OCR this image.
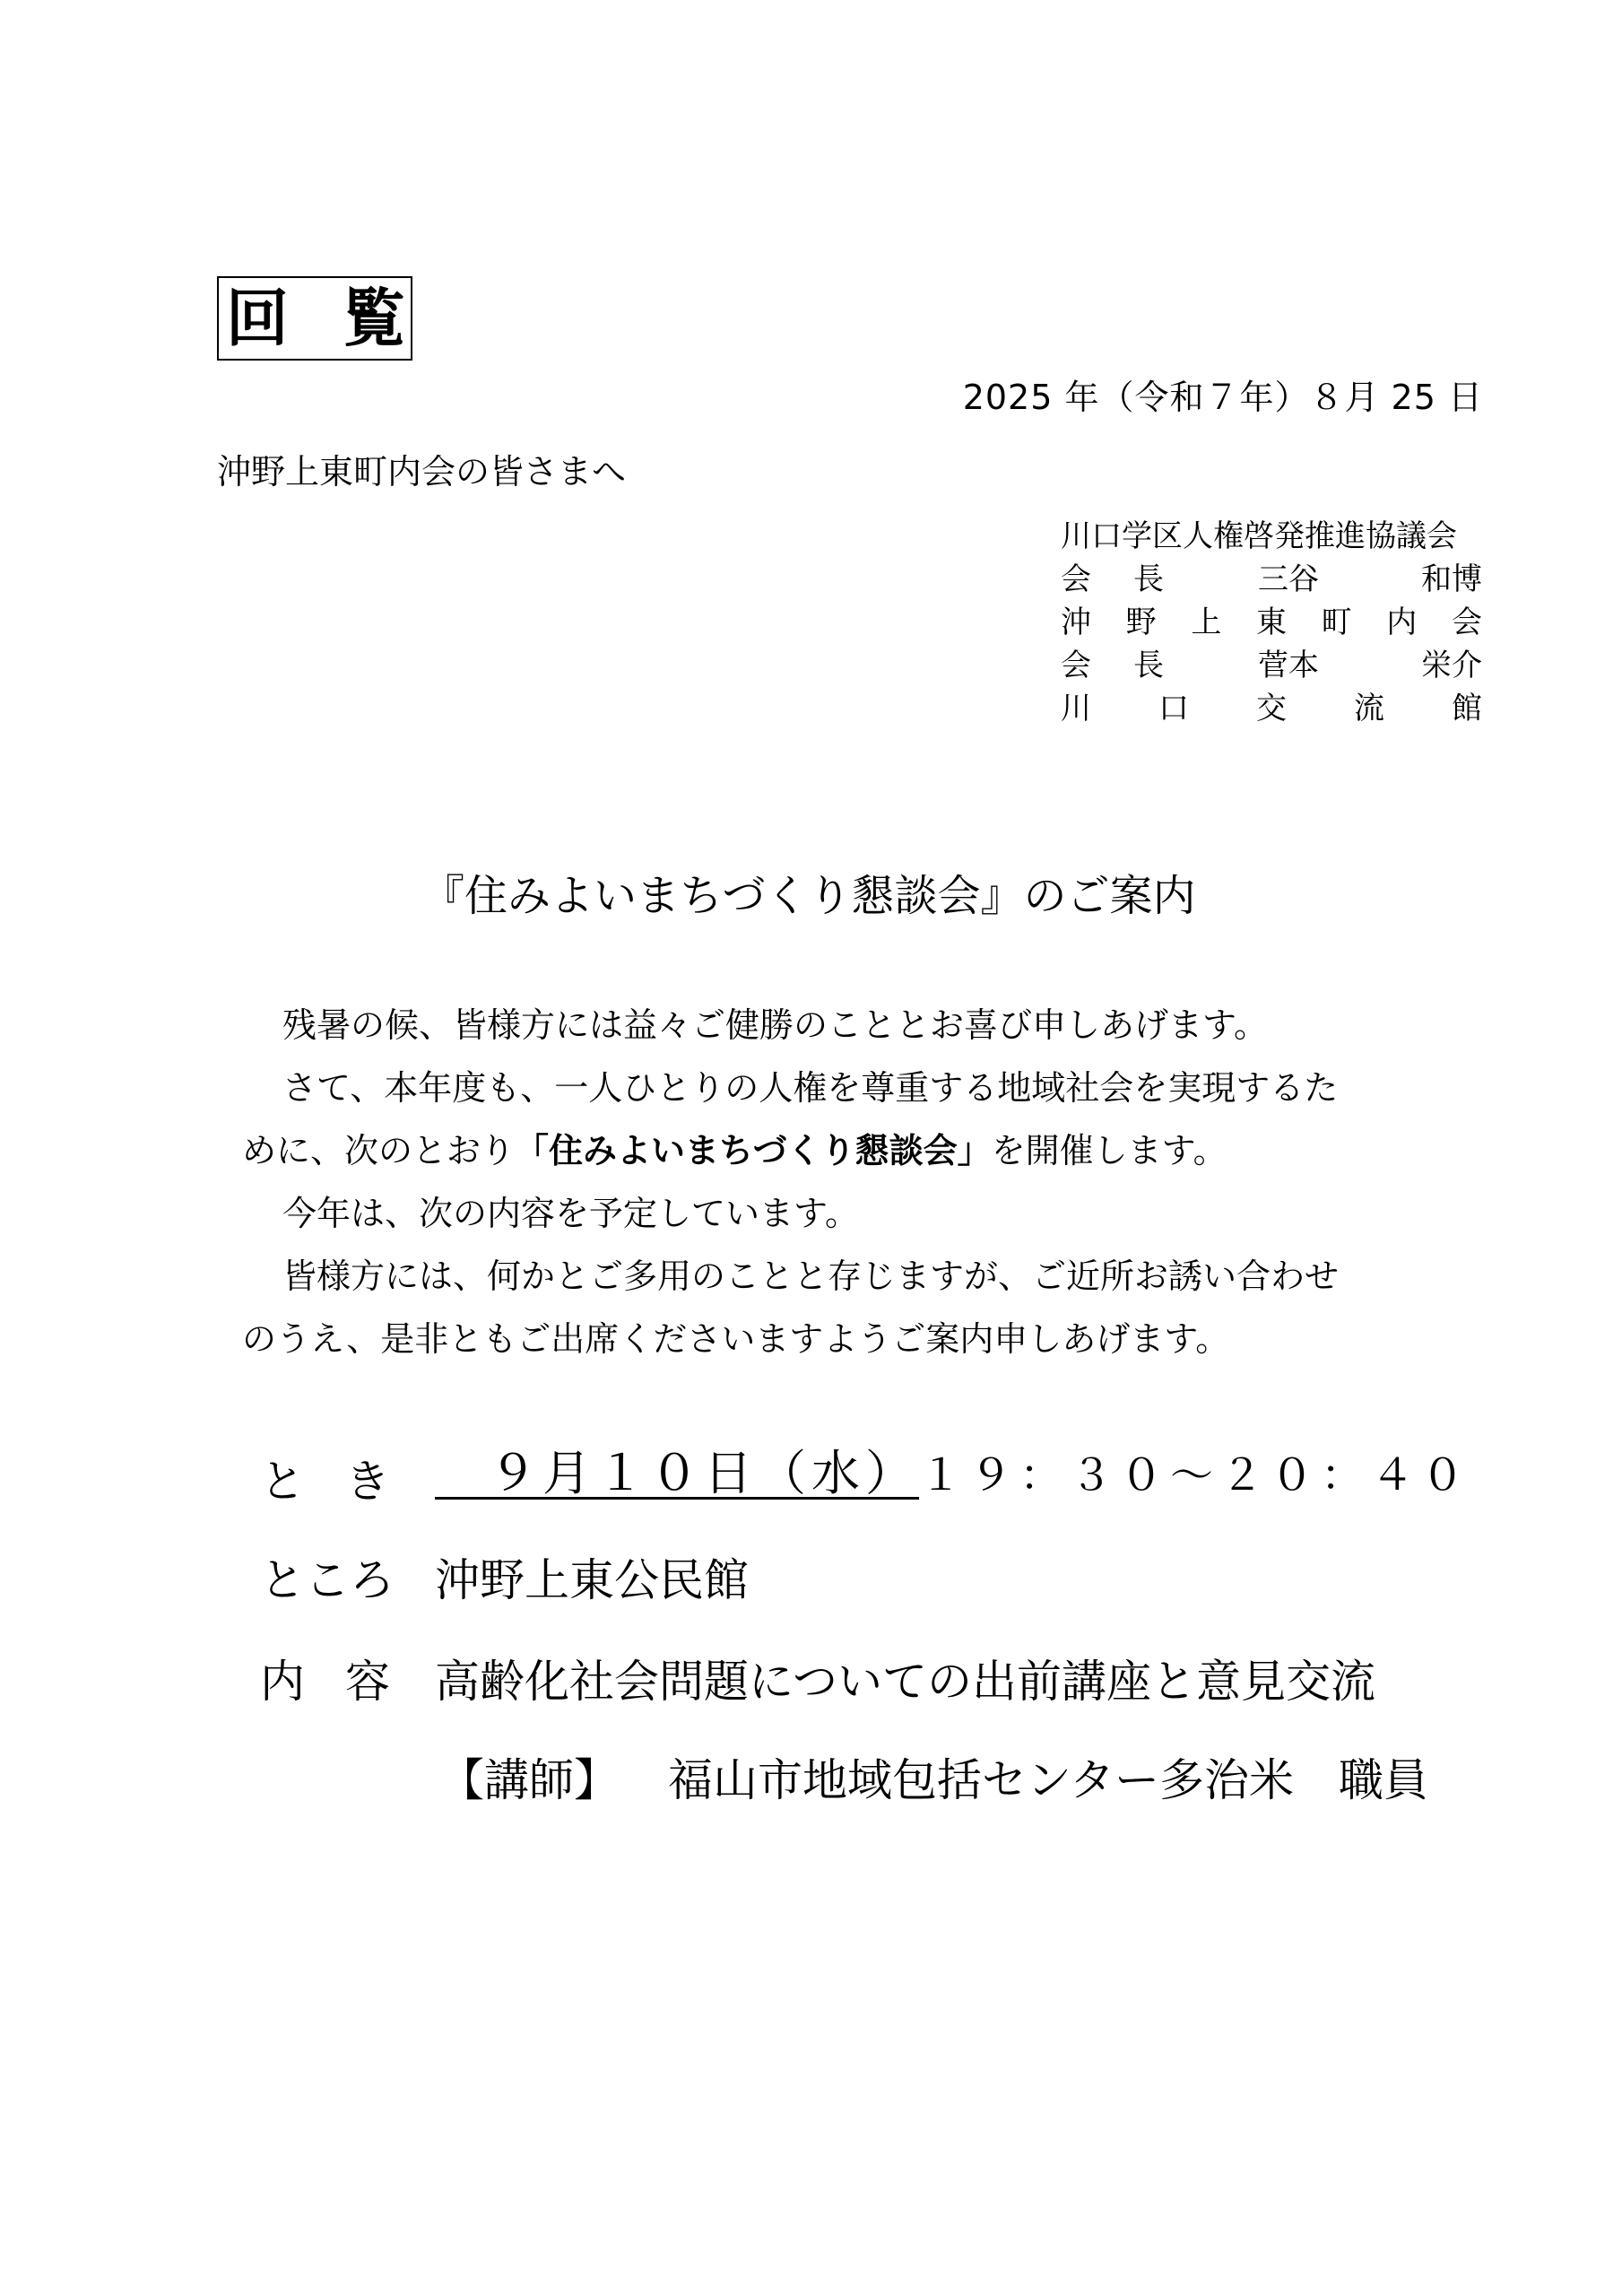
回 覧
2025 年（令和７年）８月 25 日
沖野上東町内会の皆さまへ
川口学区人権啓発推進協議会
会 長	三谷	和博
沖 野 上 東 町 内 会
会 長	菅本	栄介
川 口 交 流 館
『住みよいまちづくり懇談会』のご案内

残暑の候、皆様方には益々ご健勝のこととお喜び申しあげます。

さて、本年度も、一人ひとりの人権を尊重する地域社会を実現するた

めに、次のとおり「住みよいまちづくり懇談会」を開催します。

今年は、次の内容を予定しています。

皆様方には、何かとご多用のことと存じますが、ご近所お誘い合わせ

のうえ、是非ともご出席くださいますようご案内申しあげます。

と き 　９月１０日（水）１９：３０～２０：４０
ところ 沖野上東公民館
内 容 高齢化社会問題についての出前講座と意見交流
【講師】 福山市地域包括センター多治米　職員
